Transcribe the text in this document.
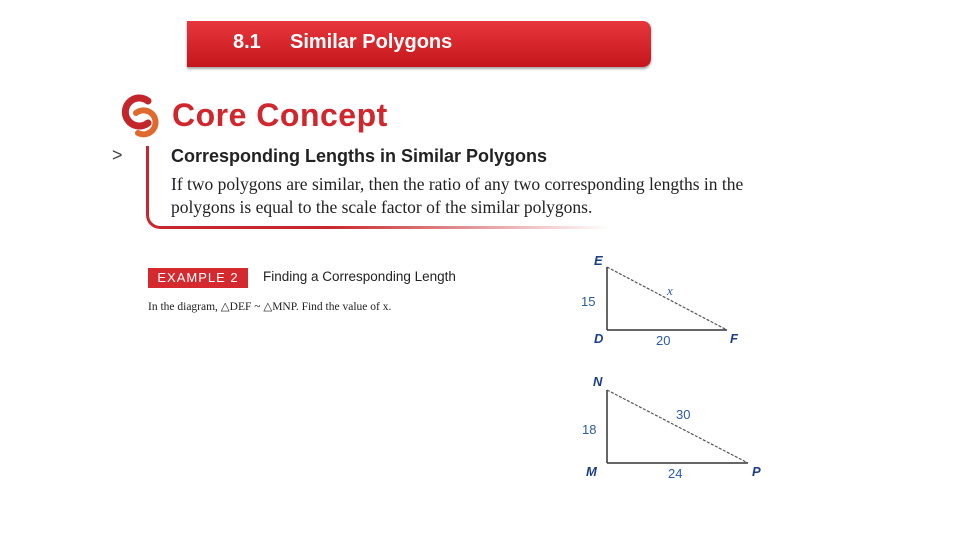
8.1 Similar Polygons
Core Concept
>	Corresponding Lengths in Similar Polygons
If two polygons are similar, then the ratio of any two corresponding lengths in the polygons is equal to the scale factor of the similar polygons.
EXAMPLE 2	Finding a Corresponding Length
In the diagram, △DEF ~ △MNP. Find the value of x.
E
D	F
15
20
x
N
M	P
18
24
30
